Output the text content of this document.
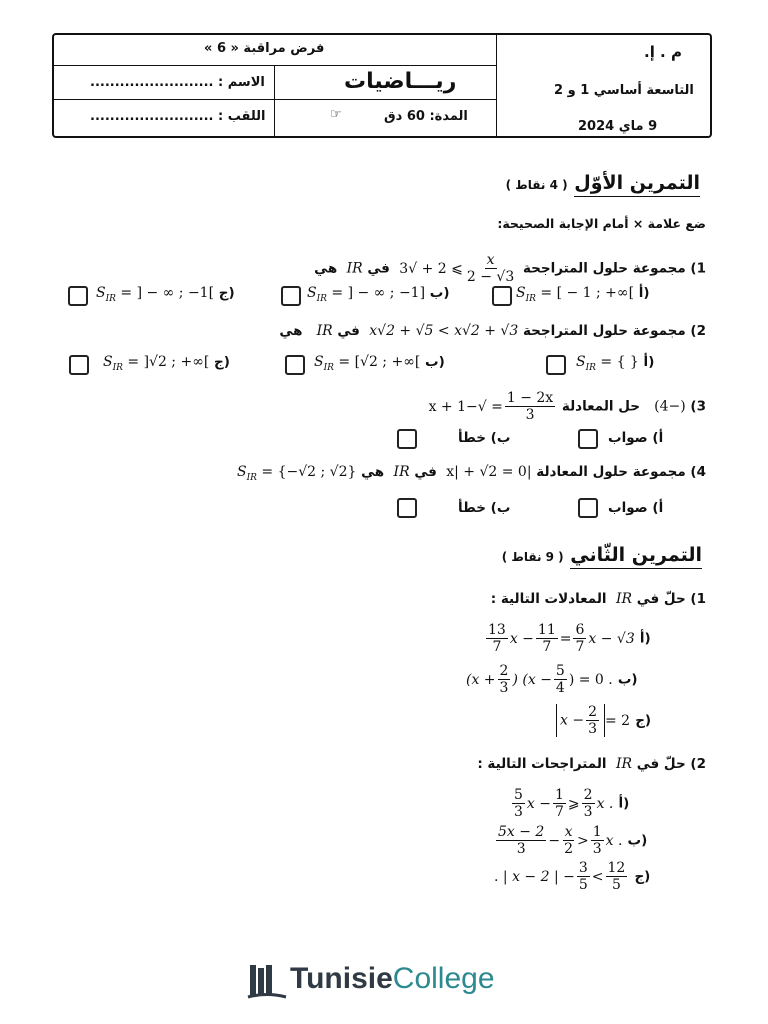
فرض مراقبة « 6 »
ريـــاضيات
☞	المدة: 60 دق
الاسم : .........................
اللقب : .........................
م . إ.
التاسعة أساسي 1 و 2
9 ماي 2024
التمرين الأوّل ( 4 نقاط )
ضع علامة × أمام الإجابة الصحيحة:
1) مجموعة حلول المتراجحة
$\frac{x}{2 - √3}$
⩾ 2 + √3  في IR  هي
$S_{IR}$ = [ − 1 ; +∞[ أ)
$S_{IR}$ = ] − ∞ ; −1] ب)
$S_{IR}$ = ] − ∞ ; −1[ ج)
2) مجموعة حلول المتراجحة x√2 + √5 < x√2 + √3  في IR   هي
$S_{IR}$ = { } أ)
$S_{IR} = [√2$ ; +∞[ ب)
$S_{IR} = ]√2$ ; +∞[ ج)
3) (−4)   حل المعادلة
$\frac{1 - 2x}{3}$
= √−x + 1
أ) صواب
ب) خطأ
4) مجموعة حلول المعادلة |x| + √2 = 0  في IR  هي $S_{IR} = \{-√2$ ; √2}
أ) صواب
ب) خطأ
التمرين الثّاني ( 9 نقاط )
1) حلّ في IR  المعادلات التالية :
$\frac{13}{7}$ $x - \frac{11}{7} = \frac{6}{7}$ x − √3 أ)
($x + \frac{2}{3}$ ) ($x - \frac{5}{4}$ ) = 0 . ب)
$x - \frac{2}{3} = 2$ ج)
2) حلّ في IR  المتراجحات التالية :
$\frac{5}{3}$ $x - \frac{1}{7}$ ⩾ $\frac{2}{3}$ x . أ)
$\frac{5x - 2}{3} - \frac{x}{2} > \frac{1}{3}$ x . ب)
. | x − 2 | − $\frac{3}{5} < \frac{12}{5}$ ج)
TunisieCollege
